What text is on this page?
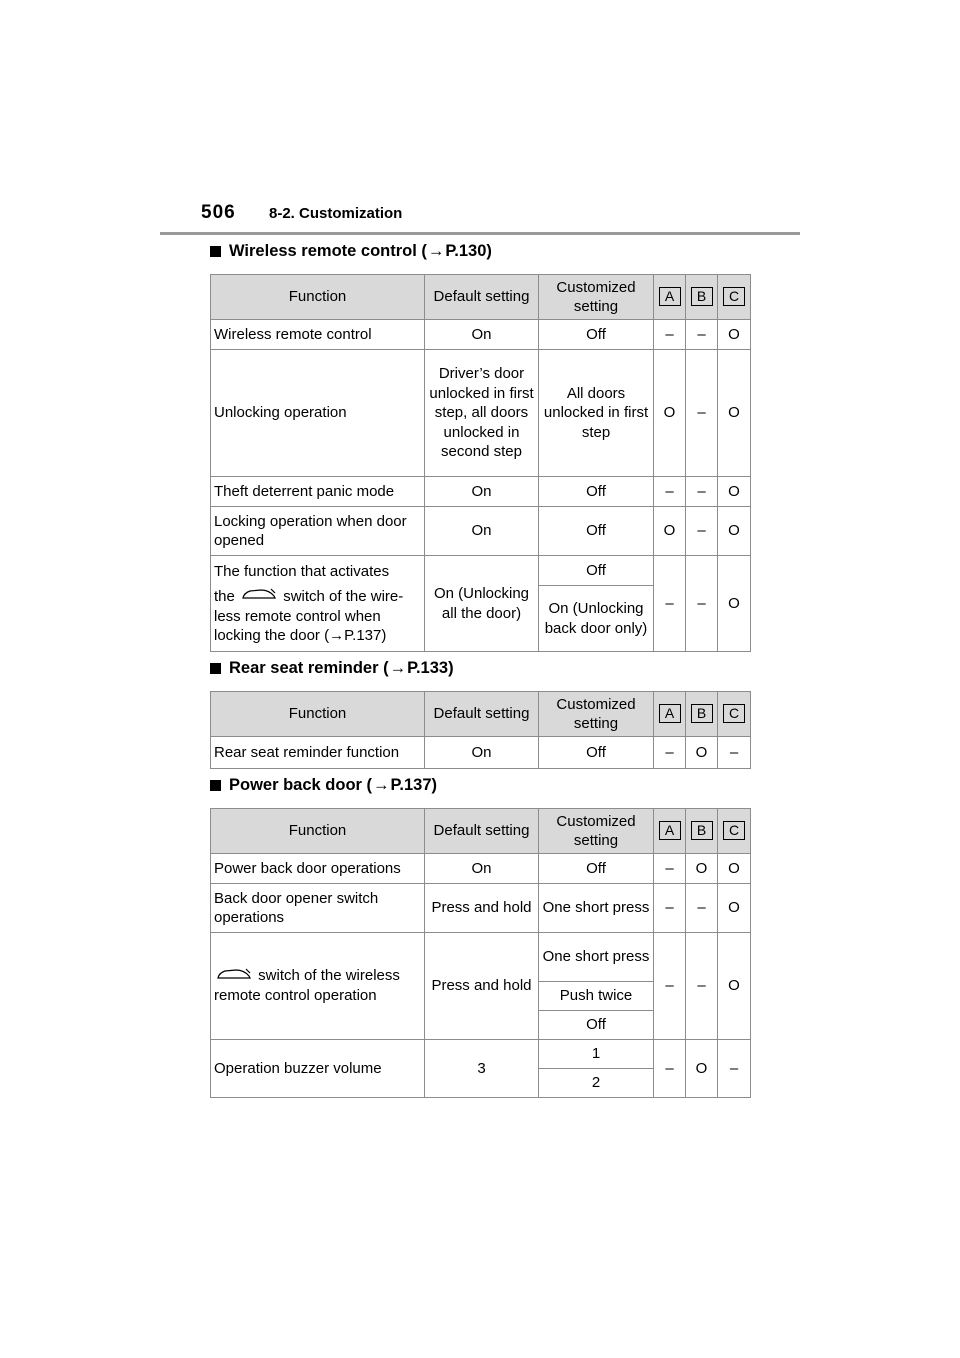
506	8-2. Customization
Wireless remote control ( → P.130)
Function	Default setting	Customized setting	A	B	C
Wireless remote control	On	Off	–	–	O
Unlocking operation	Driver’s door unlocked in first step, all doors unlocked in second step	All doors unlocked in first step	O	–	O
Theft deterrent panic mode	On	Off	–	–	O
Locking operation when door opened	On	Off	O	–	O

The function that activates
the switch of the wire-less remote control when locking the door (→P.137)	On (Unlocking all the door)	Off	–	–	O
		On (Unlocking back door only)			
Rear seat reminder ( → P.133)
Function	Default setting	Customized setting	A	B	C
Rear seat reminder function	On	Off	–	O	–
Power back door ( → P.137)
Function	Default setting	Customized setting	A	B	C
Power back door operations	On	Off	–	O	O
Back door opener switch operations	Press and hold	One short press	–	–	O
switch of the wireless remote control operation	Press and hold	One short press	–	–	O
		Push twice			
		Off			
Operation buzzer volume	3	1	–	O	–
		2			
